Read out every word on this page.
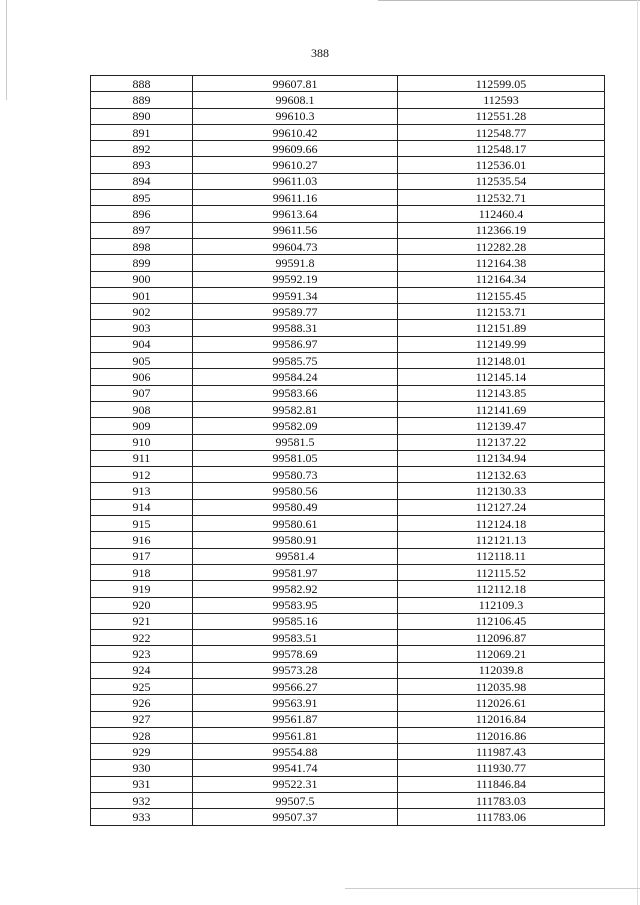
388
888	99607.81	112599.05
889	99608.1	112593
890	99610.3	112551.28
891	99610.42	112548.77
892	99609.66	112548.17
893	99610.27	112536.01
894	99611.03	112535.54
895	99611.16	112532.71
896	99613.64	112460.4
897	99611.56	112366.19
898	99604.73	112282.28
899	99591.8	112164.38
900	99592.19	112164.34
901	99591.34	112155.45
902	99589.77	112153.71
903	99588.31	112151.89
904	99586.97	112149.99
905	99585.75	112148.01
906	99584.24	112145.14
907	99583.66	112143.85
908	99582.81	112141.69
909	99582.09	112139.47
910	99581.5	112137.22
911	99581.05	112134.94
912	99580.73	112132.63
913	99580.56	112130.33
914	99580.49	112127.24
915	99580.61	112124.18
916	99580.91	112121.13
917	99581.4	112118.11
918	99581.97	112115.52
919	99582.92	112112.18
920	99583.95	112109.3
921	99585.16	112106.45
922	99583.51	112096.87
923	99578.69	112069.21
924	99573.28	112039.8
925	99566.27	112035.98
926	99563.91	112026.61
927	99561.87	112016.84
928	99561.81	112016.86
929	99554.88	111987.43
930	99541.74	111930.77
931	99522.31	111846.84
932	99507.5	111783.03
933	99507.37	111783.06
